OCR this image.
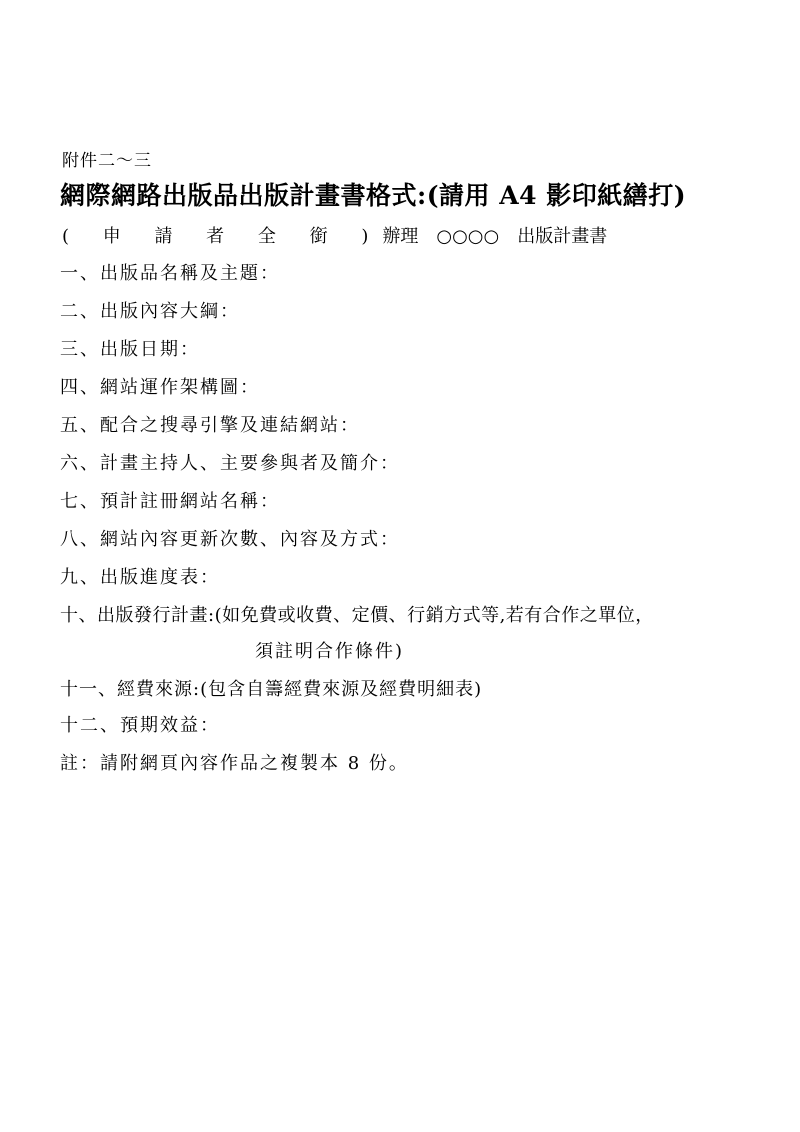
附件二～三
網際網路出版品出版計畫書格式:(請用 A4 影印紙繕打)
( 申 請 者 全 銜 )辦理 ○○○○ 出版計畫書
一、出版品名稱及主題：
二、出版內容大綱：
三、出版日期：
四、網站運作架構圖：
五、配合之搜尋引擎及連結網站：
六、計畫主持人、主要參與者及簡介：
七、預計註冊網站名稱：
八、網站內容更新次數、內容及方式：
九、出版進度表：
十、出版發行計畫:(如免費或收費、定價、行銷方式等,若有合作之單位，
須註明合作條件)
十一、經費來源:(包含自籌經費來源及經費明細表)
十二、預期效益：
註：請附網頁內容作品之複製本 8 份。
